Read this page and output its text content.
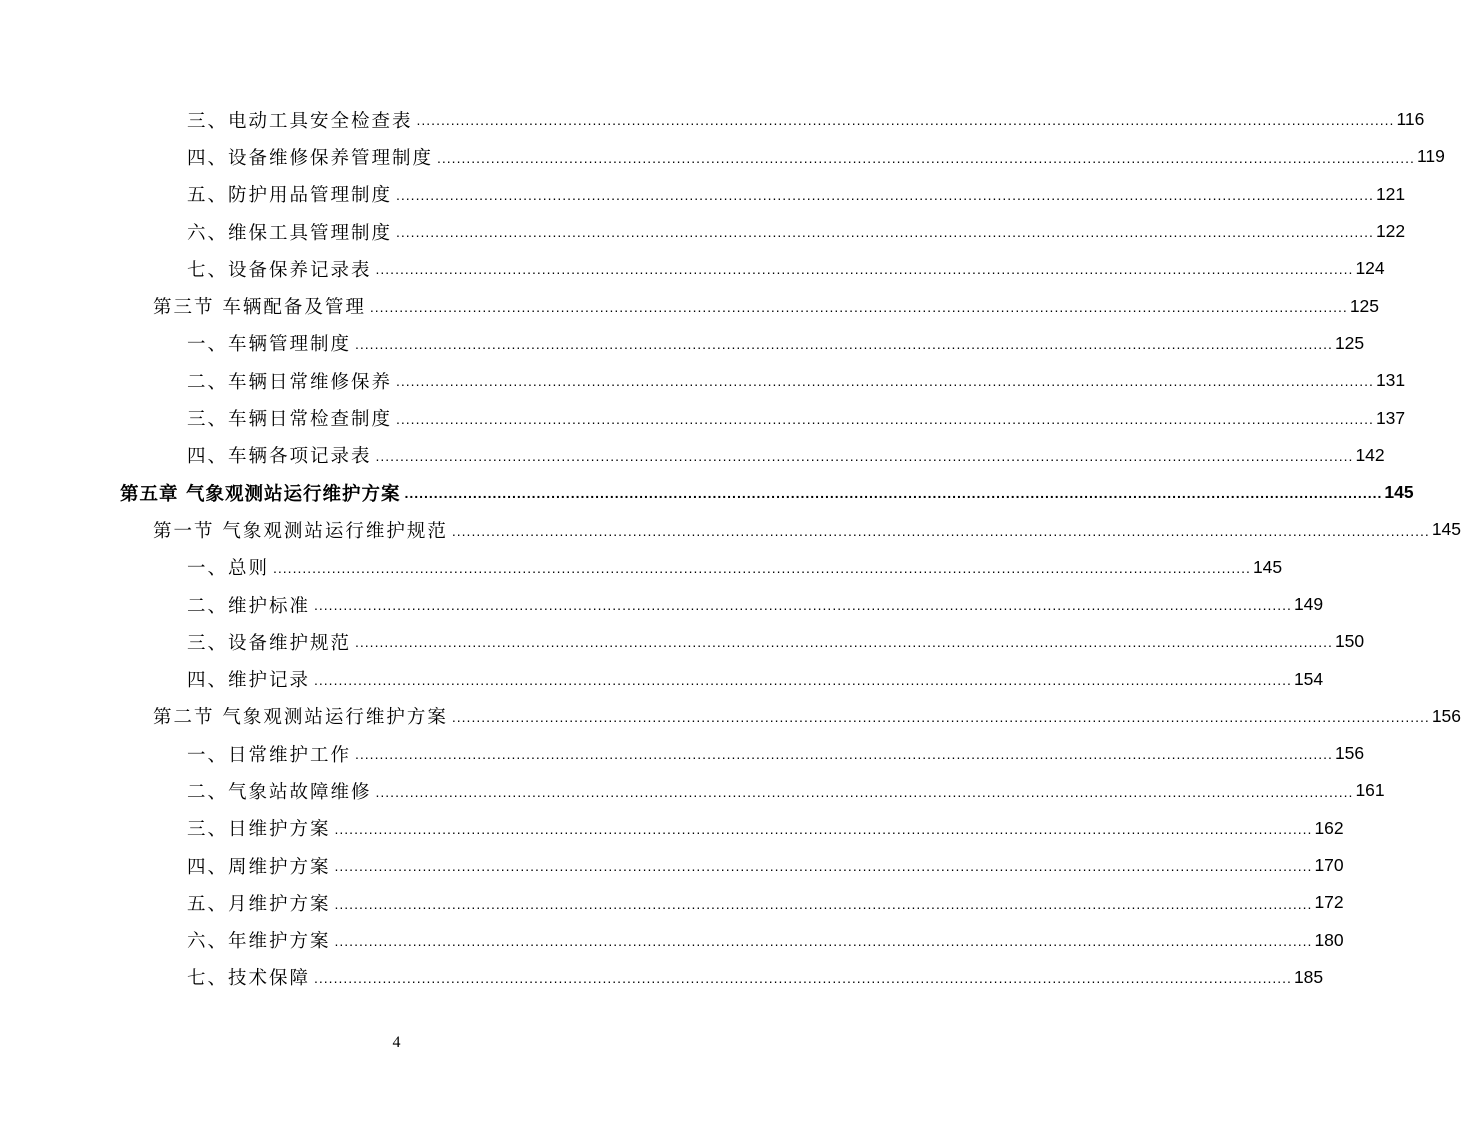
三、电动工具安全检查表 ........................................................................................................................................................................................................ 116
四、设备维修保养管理制度 ........................................................................................................................................................................................................ 119
五、防护用品管理制度 ........................................................................................................................................................................................................ 121
六、维保工具管理制度 ........................................................................................................................................................................................................ 122
七、设备保养记录表 ........................................................................................................................................................................................................ 124
第三节 车辆配备及管理 ........................................................................................................................................................................................................ 125
一、车辆管理制度 ........................................................................................................................................................................................................ 125
二、车辆日常维修保养 ........................................................................................................................................................................................................ 131
三、车辆日常检查制度 ........................................................................................................................................................................................................ 137
四、车辆各项记录表 ........................................................................................................................................................................................................ 142
第五章 气象观测站运行维护方案 ........................................................................................................................................................................................................ 145
第一节 气象观测站运行维护规范 ........................................................................................................................................................................................................ 145
一、总则 ........................................................................................................................................................................................................ 145
二、维护标准 ........................................................................................................................................................................................................ 149
三、设备维护规范 ........................................................................................................................................................................................................ 150
四、维护记录 ........................................................................................................................................................................................................ 154
第二节 气象观测站运行维护方案 ........................................................................................................................................................................................................ 156
一、日常维护工作 ........................................................................................................................................................................................................ 156
二、气象站故障维修 ........................................................................................................................................................................................................ 161
三、日维护方案 ........................................................................................................................................................................................................ 162
四、周维护方案 ........................................................................................................................................................................................................ 170
五、月维护方案 ........................................................................................................................................................................................................ 172
六、年维护方案 ........................................................................................................................................................................................................ 180
七、技术保障 ........................................................................................................................................................................................................ 185
4
